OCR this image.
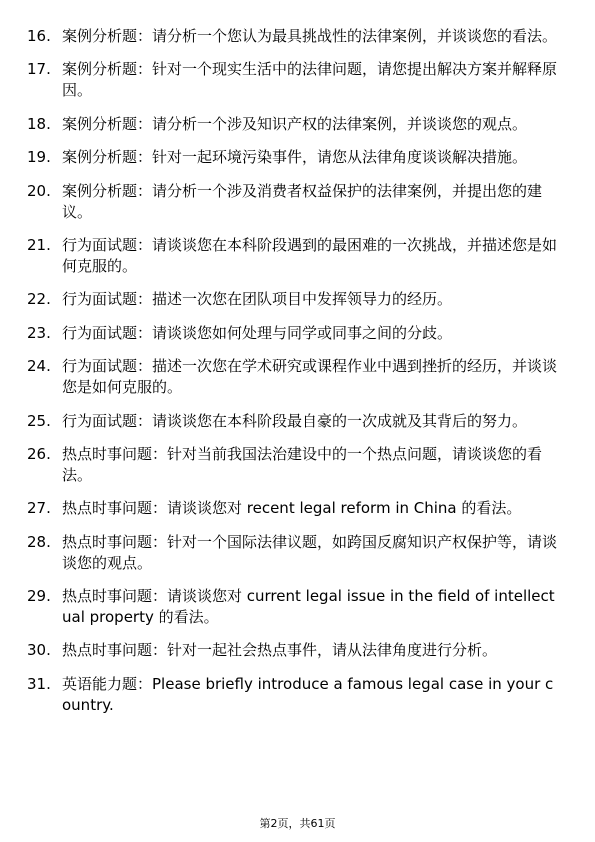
16. 案例分析题：请分析一个您认为最具挑战性的法律案例，并谈谈您的看法。
17. 案例分析题：针对一个现实生活中的法律问题，请您提出解决方案并解释原因。
18. 案例分析题：请分析一个涉及知识产权的法律案例，并谈谈您的观点。
19. 案例分析题：针对一起环境污染事件，请您从法律角度谈谈解决措施。
20. 案例分析题：请分析一个涉及消费者权益保护的法律案例，并提出您的建议。
21. 行为面试题：请谈谈您在本科阶段遇到的最困难的一次挑战，并描述您是如何克服的。
22. 行为面试题：描述一次您在团队项目中发挥领导力的经历。
23. 行为面试题：请谈谈您如何处理与同学或同事之间的分歧。
24. 行为面试题：描述一次您在学术研究或课程作业中遇到挫折的经历，并谈谈您是如何克服的。
25. 行为面试题：请谈谈您在本科阶段最自豪的一次成就及其背后的努力。
26. 热点时事问题：针对当前我国法治建设中的一个热点问题，请谈谈您的看法。
27. 热点时事问题：请谈谈您对 recent legal reform in China 的看法。
28. 热点时事问题：针对一个国际法律议题，如跨国反腐知识产权保护等，请谈谈您的观点。
29. 热点时事问题：请谈谈您对 current legal issue in the field of intellectual property 的看法。
30. 热点时事问题：针对一起社会热点事件，请从法律角度进行分析。
31. 英语能力题：Please briefly introduce a famous legal case in your country.
第2页，共61页
